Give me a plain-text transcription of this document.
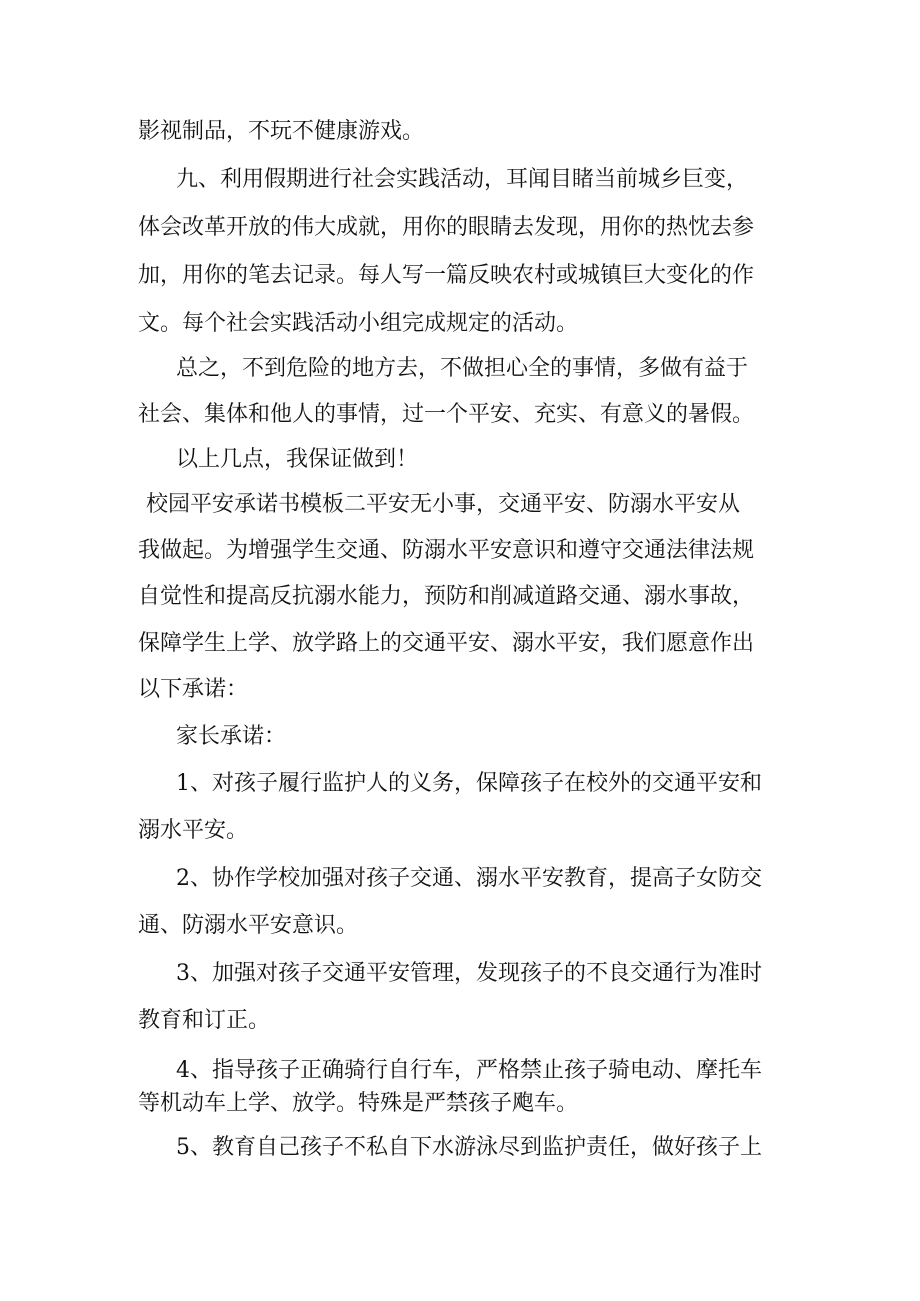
影视制品，不玩不健康游戏。
九、利用假期进行社会实践活动，耳闻目睹当前城乡巨变，
体会改革开放的伟大成就，用你的眼睛去发现，用你的热忱去参
加，用你的笔去记录。每人写一篇反映农村或城镇巨大变化的作
文。每个社会实践活动小组完成规定的活动。
总之，不到危险的地方去，不做担心全的事情，多做有益于
社会、集体和他人的事情，过一个平安、充实、有意义的暑假。
以上几点，我保证做到！
校园平安承诺书模板二平安无小事，交通平安、防溺水平安从
我做起。为增强学生交通、防溺水平安意识和遵守交通法律法规
自觉性和提高反抗溺水能力，预防和削减道路交通、溺水事故，
保障学生上学、放学路上的交通平安、溺水平安，我们愿意作出
以下承诺：
家长承诺：
1、对孩子履行监护人的义务，保障孩子在校外的交通平安和
溺水平安。
2、协作学校加强对孩子交通、溺水平安教育，提高子女防交
通、防溺水平安意识。
3、加强对孩子交通平安管理，发现孩子的不良交通行为准时
教育和订正。
4、指导孩子正确骑行自行车，严格禁止孩子骑电动、摩托车
等机动车上学、放学。特殊是严禁孩子飑车。
5、教育自己孩子不私自下水游泳尽到监护责任，做好孩子上
